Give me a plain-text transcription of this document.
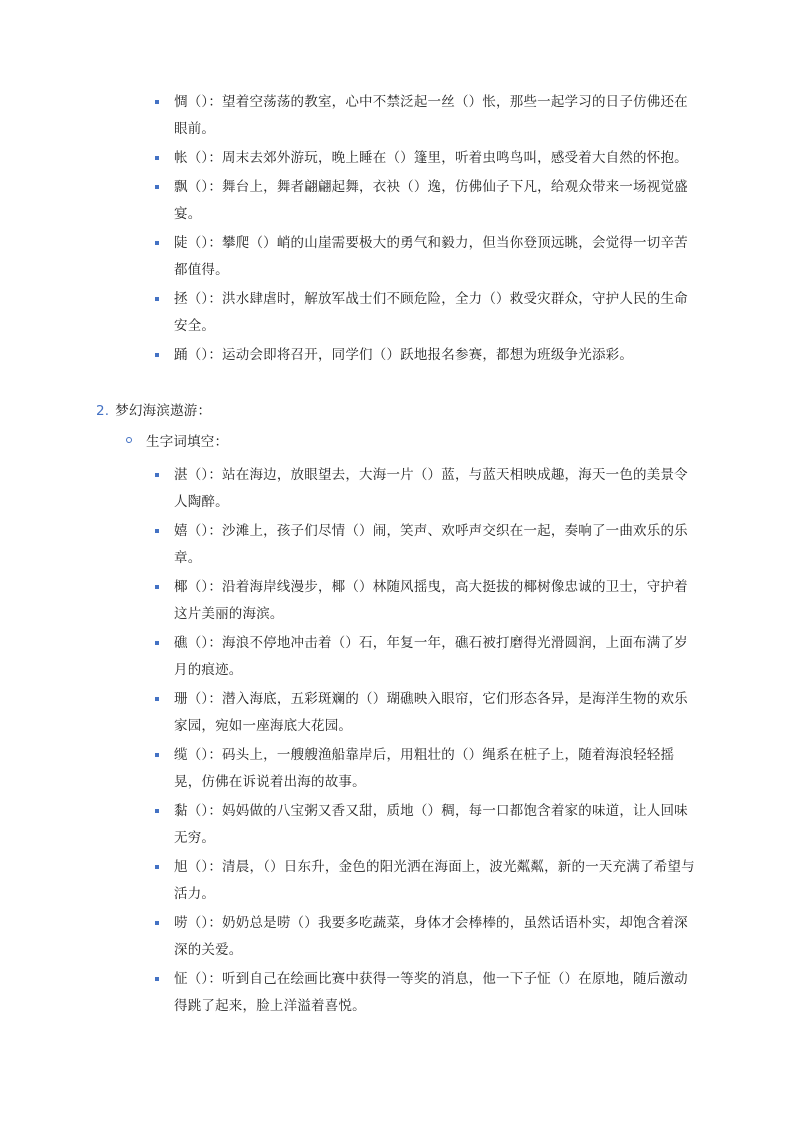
惆（）：望着空荡荡的教室，心中不禁泛起一丝（）怅，那些一起学习的日子仿佛还在眼前。
帐（）：周末去郊外游玩，晚上睡在（）篷里，听着虫鸣鸟叫，感受着大自然的怀抱。
飘（）：舞台上，舞者翩翩起舞，衣袂（）逸，仿佛仙子下凡，给观众带来一场视觉盛宴。
陡（）：攀爬（）峭的山崖需要极大的勇气和毅力，但当你登顶远眺，会觉得一切辛苦都值得。
拯（）：洪水肆虐时，解放军战士们不顾危险，全力（）救受灾群众，守护人民的生命安全。
踊（）：运动会即将召开，同学们（）跃地报名参赛，都想为班级争光添彩。
2. 梦幻海滨遨游：
生字词填空：
湛（）：站在海边，放眼望去，大海一片（）蓝，与蓝天相映成趣，海天一色的美景令人陶醉。
嬉（）：沙滩上，孩子们尽情（）闹，笑声、欢呼声交织在一起，奏响了一曲欢乐的乐章。
椰（）：沿着海岸线漫步，椰（）林随风摇曳，高大挺拔的椰树像忠诚的卫士，守护着这片美丽的海滨。
礁（）：海浪不停地冲击着（）石，年复一年，礁石被打磨得光滑圆润，上面布满了岁月的痕迹。
珊（）：潜入海底，五彩斑斓的（）瑚礁映入眼帘，它们形态各异，是海洋生物的欢乐家园，宛如一座海底大花园。
缆（）：码头上，一艘艘渔船靠岸后，用粗壮的（）绳系在桩子上，随着海浪轻轻摇晃，仿佛在诉说着出海的故事。
黏（）：妈妈做的八宝粥又香又甜，质地（）稠，每一口都饱含着家的味道，让人回味无穷。
旭（）：清晨，（）日东升，金色的阳光洒在海面上，波光粼粼，新的一天充满了希望与活力。
唠（）：奶奶总是唠（）我要多吃蔬菜，身体才会棒棒的，虽然话语朴实，却饱含着深深的关爱。
怔（）：听到自己在绘画比赛中获得一等奖的消息，他一下子怔（）在原地，随后激动得跳了起来，脸上洋溢着喜悦。
